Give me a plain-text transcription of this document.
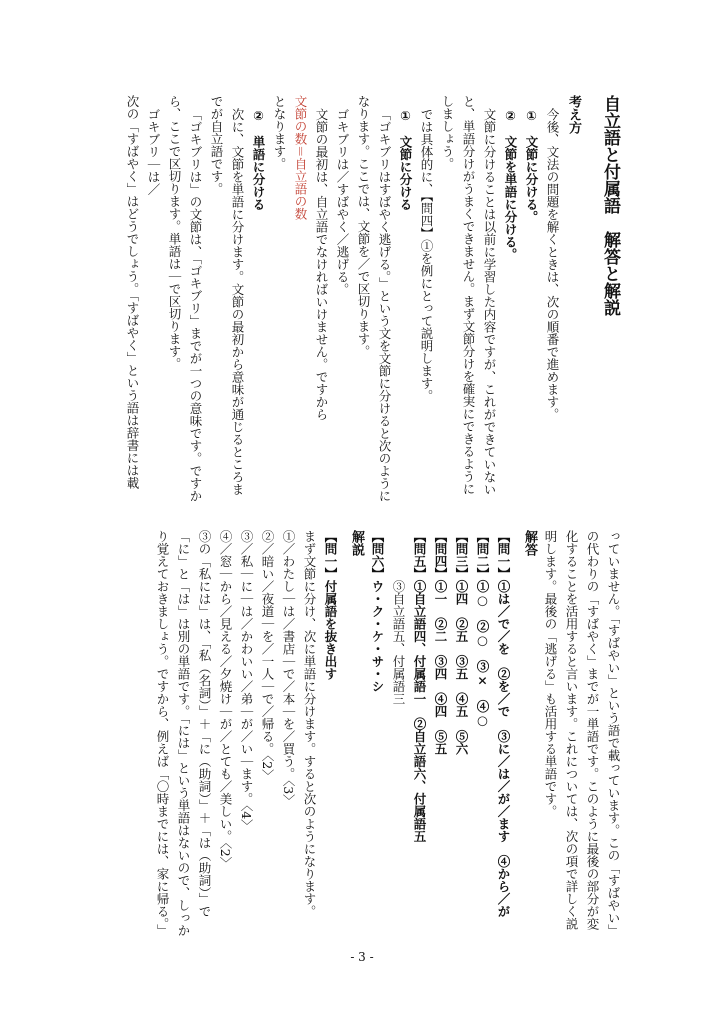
自立語と付属語　解答と解説
考え方
今後、文法の問題を解くときは、次の順番で進めます。
①　文節に分ける。
②　文節を単語に分ける。
文節に分けることは以前に学習した内容ですが、これができていない
と、単語分けがうまくできません。まず文節分けを確実にできるように
しましょう。
では具体的に、【問四】①を例にとって説明します。
①　文節に分ける
「ゴキブリはすばやく逃げる。」という文を文節に分けると次のように
なります。ここでは、文節を／で区切ります。
ゴキブリは／すばやく／逃げる。
文節の最初は、自立語でなければいけません。ですから
文節の数＝自立語の数
となります。
②　単語に分ける
次に、文節を単語に分けます。文節の最初から意味が通じるところま
でが自立語です。
「ゴキブリは」の文節は、「ゴキブリ」までが一つの意味です。ですか
ら、ここで区切ります。単語は｜で区切ります。
ゴキブリ｜は／
次の「すばやく」はどうでしょう。「すばやく」という語は辞書には載
っていません。「すばやい」という語で載っています。この「すばやい」
の代わりの「すばやく」までが一単語です。このように最後の部分が変
化することを活用すると言います。これについては、次の項で詳しく説
明します。最後の「逃げる」も活用する単語です。
解答
【問一】①は／で／を　②を／で　③に／は／が／ます　④から／が
【問二】①○　②○　③×　④○
【問三】①四　②五　③五　④五　⑤六
【問四】①一　②二　③四　④四　⑤五
【問五】①自立語四、付属語一　②自立語六、付属語五
③自立語五、付属語三
【問六】ウ・ク・ケ・サ・シ
解説
【問一】付属語を抜き出す
まず文節に分け、次に単語に分けます。すると次のようになります。
①／わたし｜は／書店｜で／本｜を／買う。〈3〉
②／暗い／夜道｜を／一人｜で／帰る。〈2〉
③／私｜に｜は／かわいい／弟｜が／い｜ます。〈4〉
④／窓｜から／見える／夕焼け｜が／とても／美しい。〈2〉
③の「私には」は、「私（名詞）」＋「に（助詞）」＋「は（助詞）」で
「に」と「は」は別の単語です。「には」という単語はないので、しっか
り覚えておきましょう。ですから、例えば「〇時までには、家に帰る。」
- 3 -
